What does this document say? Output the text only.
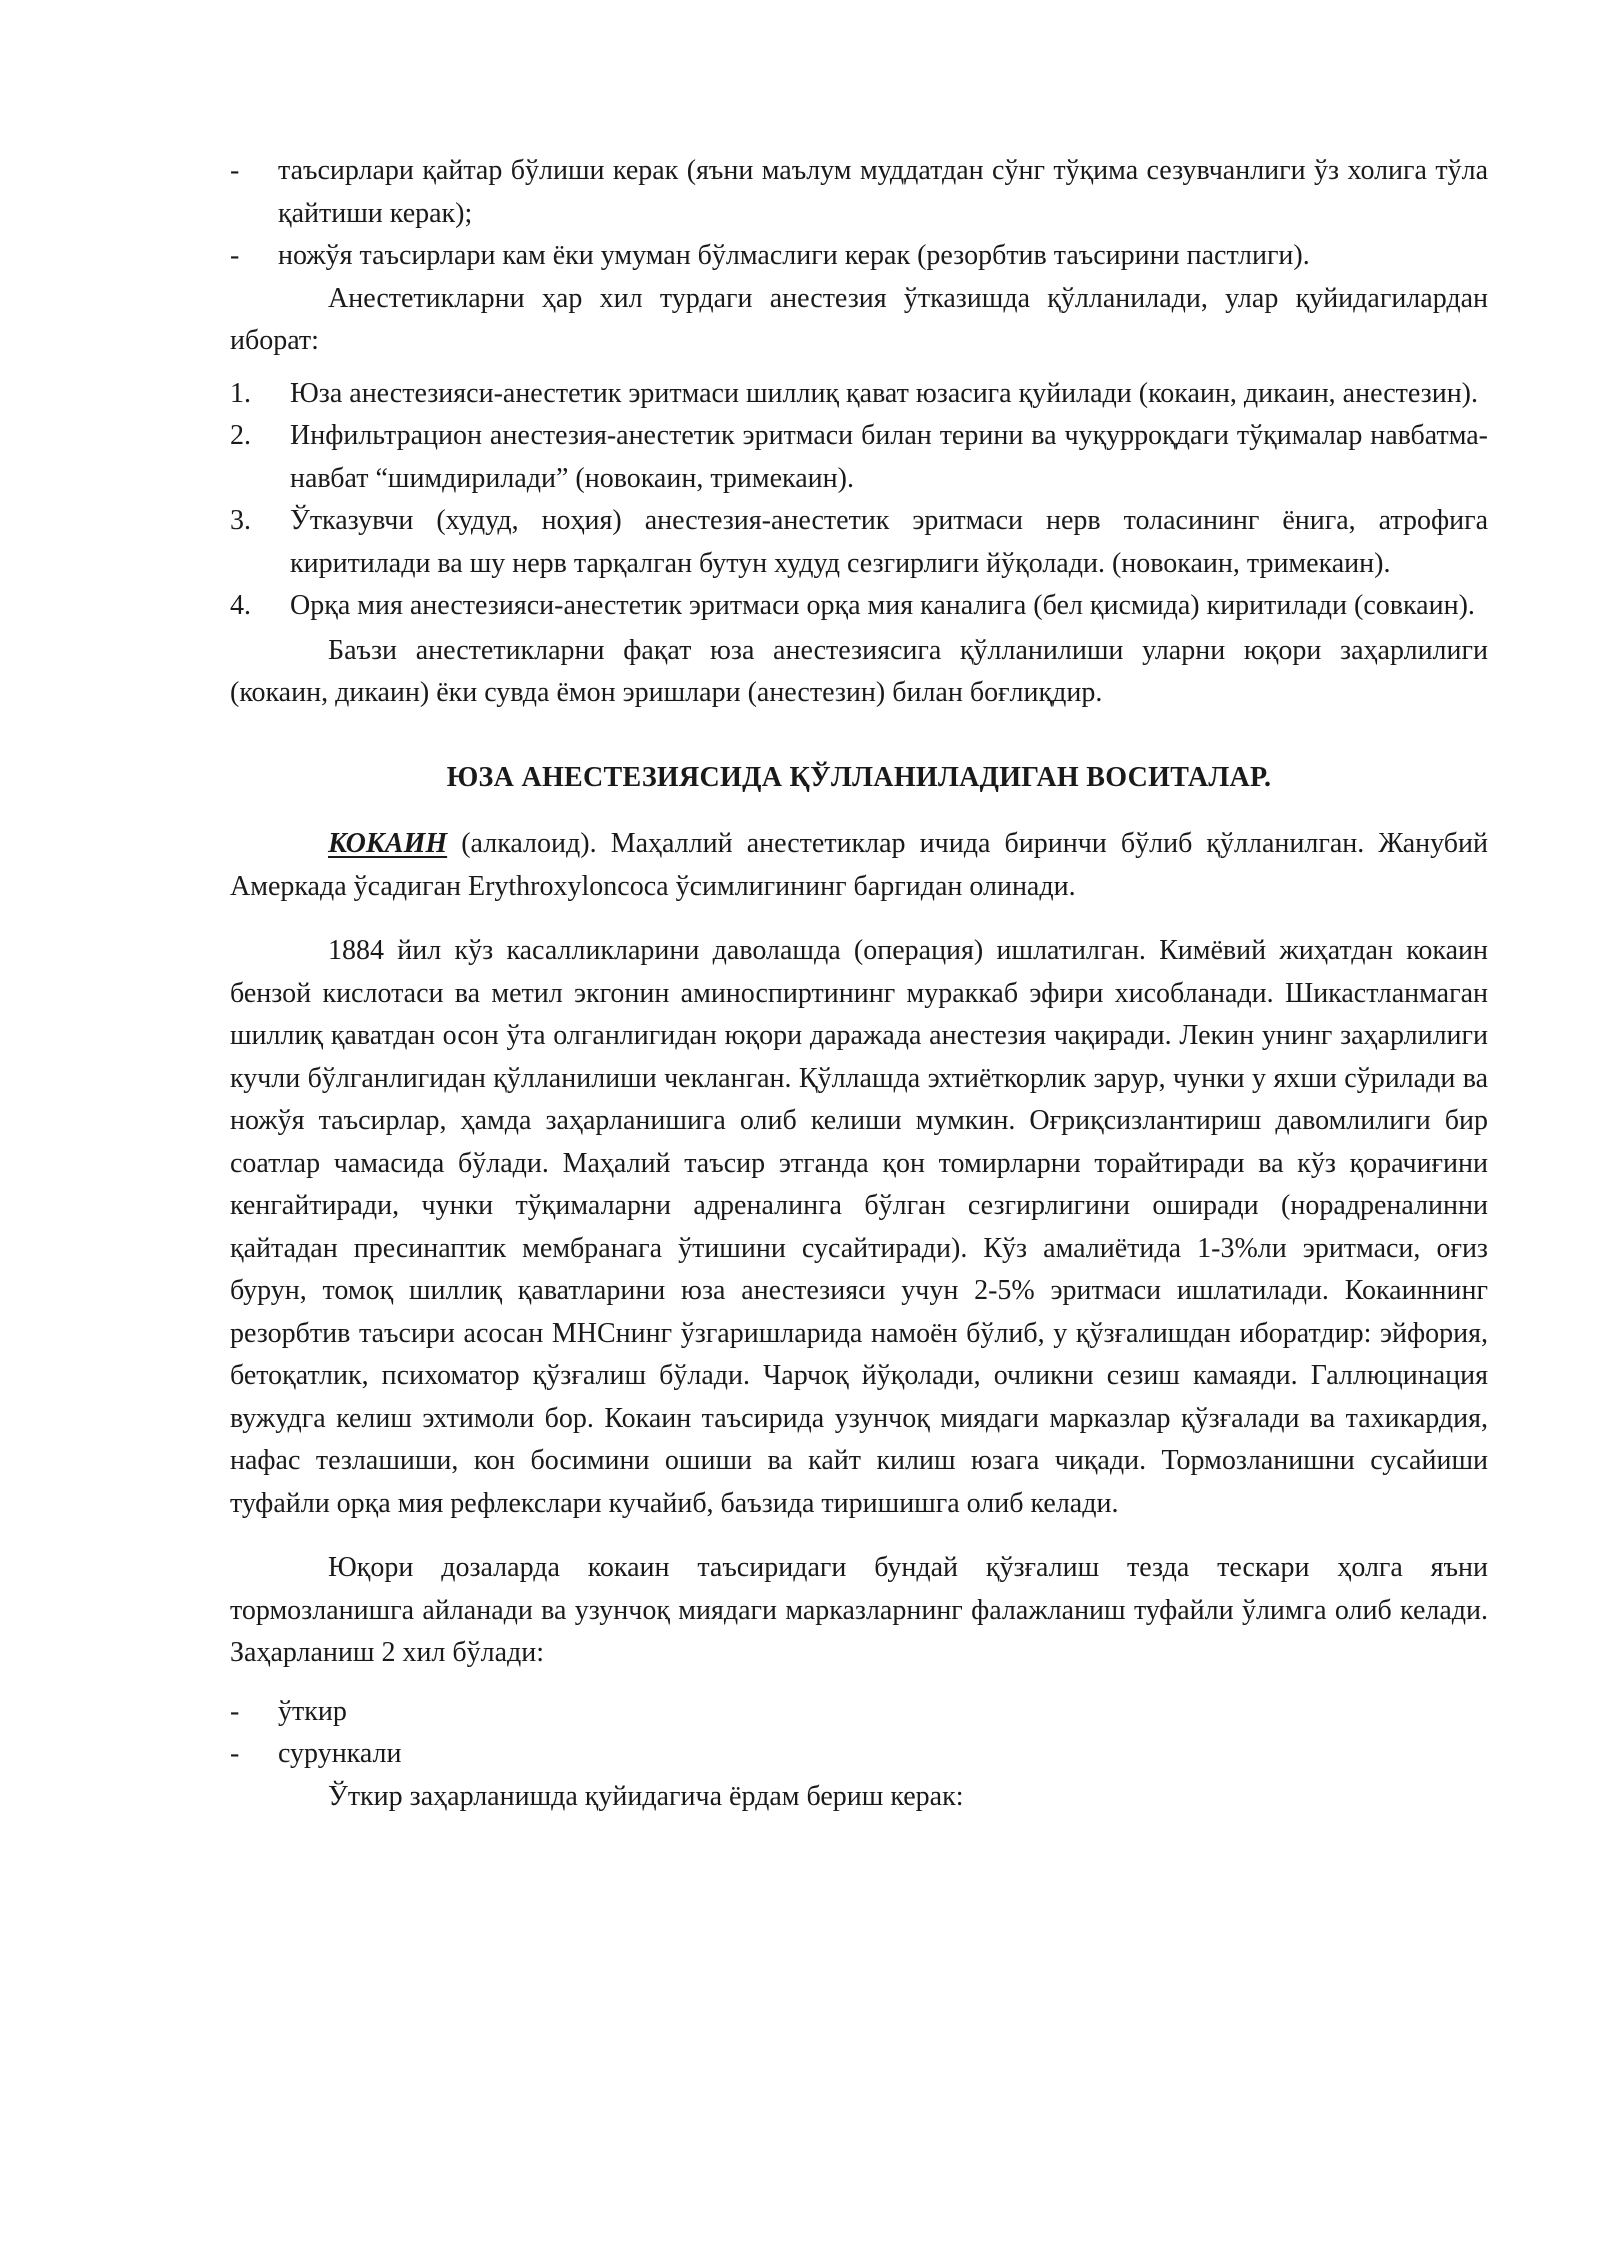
- таъсирлари қайтар бўлиши керак (яъни маълум муддатдан сўнг тўқима сезувчанлиги ўз холига тўла қайтиши керак);

- ножўя таъсирлари кам ёки умуман бўлмаслиги керак (резорбтив таъсирини пастлиги).

Анестетикларни ҳар хил турдаги анестезия ўтказишда қўлланилади, улар қуйидагилардан иборат:

1. Юза анестезияси-анестетик эритмаси шиллиқ қават юзасига қуйилади (кокаин, дикаин, анестезин).

2. Инфильтрацион анестезия-анестетик эритмаси билан терини ва чуқурроқдаги тўқималар навбатма-навбат “шимдирилади” (новокаин, тримекаин).

3. Ўтказувчи (худуд, ноҳия) анестезия-анестетик эритмаси нерв толасининг ёнига, атрофига киритилади ва шу нерв тарқалган бутун худуд сезгирлиги йўқолади. (новокаин, тримекаин).

4. Орқа мия анестезияси-анестетик эритмаси орқа мия каналига (бел қисмида) киритилади (совкаин).

Баъзи анестетикларни фақат юза анестезиясига қўлланилиши уларни юқори заҳарлилиги (кокаин, дикаин) ёки сувда ёмон эришлари (анестезин) билан боғлиқдир.

ЮЗА АНЕСТЕЗИЯСИДА ҚЎЛЛАНИЛАДИГАН ВОСИТАЛАР.

КОКАИН (алкалоид). Маҳаллий анестетиклар ичида биринчи бўлиб қўлланилган. Жанубий Амеркада ўсадиган Erythroxyloncoca ўсимлигининг баргидан олинади.

1884 йил кўз касалликларини даволашда (операция) ишлатилган. Кимёвий жиҳатдан кокаин бензой кислотаси ва метил экгонин аминоспиртининг мураккаб эфири хисобланади. Шикастланмаган шиллиқ қаватдан осон ўта олганлигидан юқори даражада анестезия чақиради. Лекин унинг заҳарлилиги кучли бўлганлигидан қўлланилиши чекланган. Қўллашда эхтиёткорлик зарур, чунки у яхши сўрилади ва ножўя таъсирлар, ҳамда заҳарланишига олиб келиши мумкин. Оғриқсизлантириш давомлилиги бир соатлар чамасида бўлади. Маҳалий таъсир этганда қон томирларни торайтиради ва кўз қорачиғини кенгайтиради, чунки тўқималарни адреналинга бўлган сезгирлигини оширади (норадреналинни қайтадан пресинаптик мембранага ўтишини сусайтиради). Кўз амалиётида 1-3%ли эритмаси, оғиз бурун, томоқ шиллиқ қаватларини юза анестезияси учун 2-5% эритмаси ишлатилади. Кокаиннинг резорбтив таъсири асосан МНСнинг ўзгаришларида намоён бўлиб, у қўзғалишдан иборатдир: эйфория, бетоқатлик, психоматор қўзғалиш бўлади. Чарчоқ йўқолади, очликни сезиш камаяди. Галлюцинация вужудга келиш эхтимоли бор. Кокаин таъсирида узунчоқ миядаги марказлар қўзғалади ва тахикардия, нафас тезлашиши, кон босимини ошиши ва кайт килиш юзага чиқади. Тормозланишни сусайиши туфайли орқа мия рефлекслари кучайиб, баъзида тиришишга олиб келади.

Юқори дозаларда кокаин таъсиридаги бундай қўзғалиш тезда тескари ҳолга яъни тормозланишга айланади ва узунчоқ миядаги марказларнинг фалажланиш туфайли ўлимга олиб келади. Заҳарланиш 2 хил бўлади:

- ўткир

- сурункали

Ўткир заҳарланишда қуйидагича ёрдам бериш керак:
